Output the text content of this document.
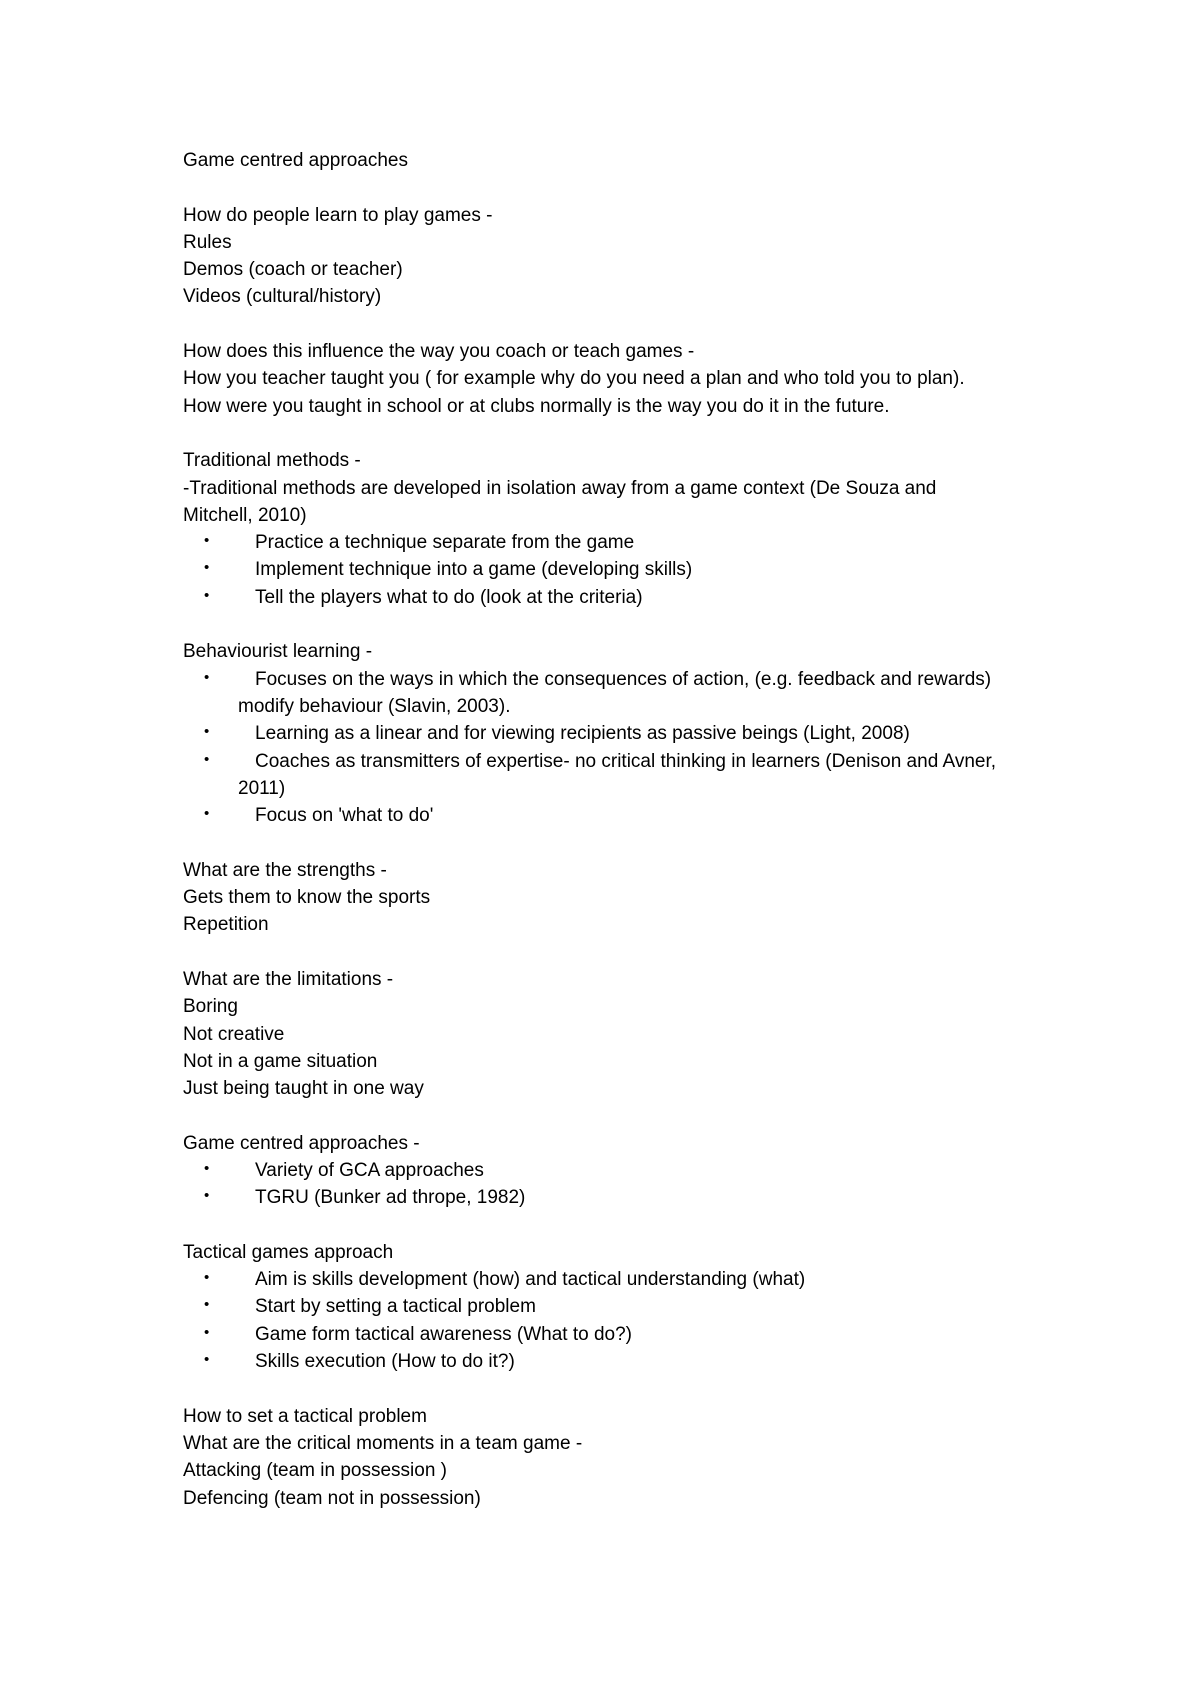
Game centred approaches
How do people learn to play games -
Rules
Demos (coach or teacher)
Videos (cultural/history)
How does this influence the way you coach or teach games -
How you teacher taught you ( for example why do you need a plan and who told you to plan).
How were you taught in school or at clubs normally is the way you do it in the future.
Traditional methods -
-Traditional methods are developed in isolation away from a game context (De Souza and Mitchell, 2010)
• Practice a technique separate from the game
• Implement technique into a game (developing skills)
• Tell the players what to do (look at the criteria)
Behaviourist learning -
• Focuses on the ways in which the consequences of action, (e.g. feedback and rewards) modify behaviour (Slavin, 2003).
• Learning as a linear and for viewing recipients as passive beings (Light, 2008)
• Coaches as transmitters of expertise- no critical thinking in learners (Denison and Avner, 2011)
• Focus on 'what to do'
What are the strengths -
Gets them to know the sports
Repetition
What are the limitations -
Boring
Not creative
Not in a game situation
Just being taught in one way
Game centred approaches -
• Variety of GCA approaches
• TGRU (Bunker ad thrope, 1982)
Tactical games approach
• Aim is skills development (how) and tactical understanding (what)
• Start by setting a tactical problem
• Game form tactical awareness (What to do?)
• Skills execution (How to do it?)
How to set a tactical problem
What are the critical moments in a team game -
Attacking (team in possession )
Defencing (team not in possession)
